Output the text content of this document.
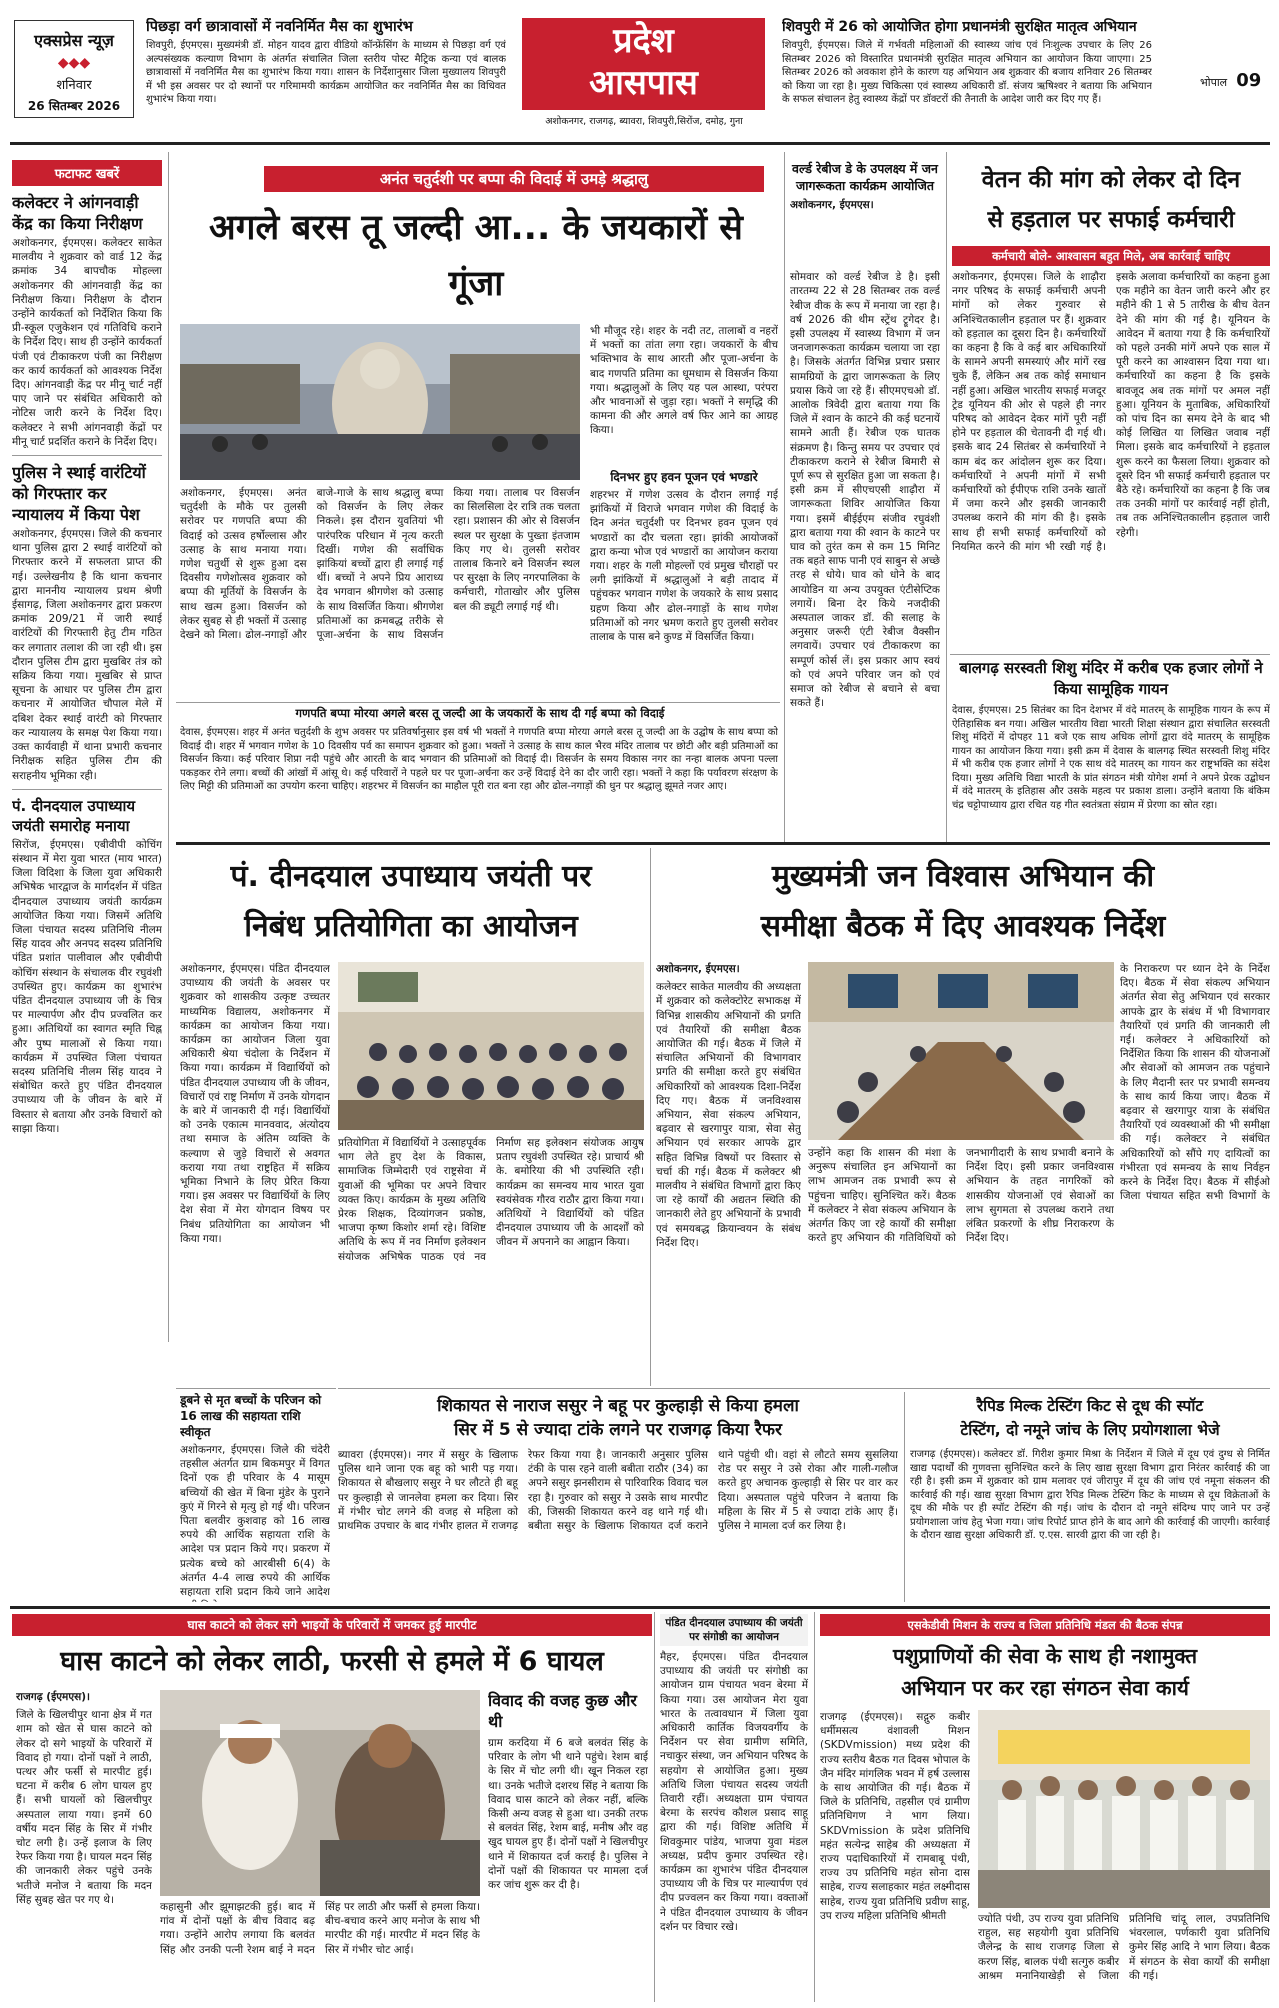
एक्सप्रेस न्यूज़
◆◆◆
शनिवार
26 सितम्बर 2026
पिछड़ा वर्ग छात्रावासों में नवनिर्मित मैस का शुभारंभ
शिवपुरी, ईएमएस। मुख्यमंत्री डॉ. मोहन यादव द्वारा वीडियो कॉन्फ्रेंसिंग के माध्यम से पिछड़ा वर्ग एवं अल्पसंख्यक कल्याण विभाग के अंतर्गत संचालित जिला स्तरीय पोस्ट मैट्रिक कन्या एवं बालक छात्रावासों में नवनिर्मित मैस का शुभारंभ किया गया। शासन के निर्देशानुसार जिला मुख्यालय शिवपुरी में भी इस अवसर पर दो स्थानों पर गरिमामयी कार्यक्रम आयोजित कर नवनिर्मित मैस का विधिवत शुभारंभ किया गया।
प्रदेश
आसपास
अशोकनगर, राजगढ़, ब्यावरा, शिवपुरी,सिरोंज, दमोह, गुना
शिवपुरी में 26 को आयोजित होगा प्रधानमंत्री सुरक्षित मातृत्व अभियान
शिवपुरी, ईएमएस। जिले में गर्भवती महिलाओं की स्वास्थ्य जांच एवं निःशुल्क उपचार के लिए 26 सितम्बर 2026 को विस्तारित प्रधानमंत्री सुरक्षित मातृत्व अभियान का आयोजन किया जाएगा। 25 सितम्बर 2026 को अवकाश होने के कारण यह अभियान अब शुक्रवार की बजाय शनिवार 26 सितम्बर को किया जा रहा है। मुख्य चिकित्सा एवं स्वास्थ्य अधिकारी डॉ. संजय ऋषिश्वर ने बताया कि अभियान के सफल संचालन हेतु स्वास्थ्य केंद्रों पर डॉक्टरों की तैनाती के आदेश जारी कर दिए गए हैं।
भोपाल 09
फटाफट खबरें
कलेक्टर ने आंगनवाड़ी केंद्र का किया निरीक्षण
अशोकनगर, ईएमएस। कलेक्टर साकेत मालवीय ने शुक्रवार को वार्ड 12 केंद्र क्रमांक 34 बापचौक मोहल्ला अशोकनगर की आंगनवाड़ी केंद्र का निरीक्षण किया। निरीक्षण के दौरान उन्होंने कार्यकर्ता को निर्देशित किया कि प्री-स्कूल एजुकेशन एवं गतिविधि कराने के निर्देश दिए। साथ ही उन्होंने कार्यकर्ता पंजी एवं टीकाकरण पंजी का निरीक्षण कर कार्य कार्यकर्ता को आवश्यक निर्देश दिए। आंगनवाड़ी केंद्र पर मीनू चार्ट नहीं पाए जाने पर संबंधित अधिकारी को नोटिस जारी करने के निर्देश दिए। कलेक्टर ने सभी आंगनवाड़ी केंद्रों पर मीनू चार्ट प्रदर्शित कराने के निर्देश दिए।
पुलिस ने स्थाई वारंटियों को गिरफ्तार कर न्यायालय में किया पेश
अशोकनगर, ईएमएस। जिले की कचनार थाना पुलिस द्वारा 2 स्थाई वारंटियों को गिरफ्तार करने में सफलता प्राप्त की गई। उल्लेखनीय है कि थाना कचनार द्वारा माननीय न्यायालय प्रथम श्रेणी ईसागढ़, जिला अशोकनगर द्वारा प्रकरण क्रमांक 209/21 में जारी स्थाई वारंटियों की गिरफ्तारी हेतु टीम गठित कर लगातार तलाश की जा रही थी। इस दौरान पुलिस टीम द्वारा मुखबिर तंत्र को सक्रिय किया गया। मुखबिर से प्राप्त सूचना के आधार पर पुलिस टीम द्वारा कचनार में आयोजित चौपाल मेले में दबिश देकर स्थाई वारंटी को गिरफ्तार कर न्यायालय के समक्ष पेश किया गया। उक्त कार्यवाही में थाना प्रभारी कचनार निरीक्षक सहित पुलिस टीम की सराहनीय भूमिका रही।
पं. दीनदयाल उपाध्याय जयंती समारोह मनाया
सिरोंज, ईएमएस। एबीवीपी कोचिंग संस्थान में मेरा युवा भारत (माय भारत) जिला विदिशा के जिला युवा अधिकारी अभिषेक भारद्वाज के मार्गदर्शन में पंडित दीनदयाल उपाध्याय जयंती कार्यक्रम आयोजित किया गया। जिसमें अतिथि जिला पंचायत सदस्य प्रतिनिधि नीलम सिंह यादव और अनपद सदस्य प्रतिनिधि पंडित प्रशांत पालीवाल और एबीवीपी कोचिंग संस्थान के संचालक वीर रघुवंशी उपस्थित हुए। कार्यक्रम का शुभारंभ पंडित दीनदयाल उपाध्याय जी के चित्र पर माल्यार्पण और दीप प्रज्वलित कर हुआ। अतिथियों का स्वागत स्मृति चिह्न और पुष्प मालाओं से किया गया। कार्यक्रम में उपस्थित जिला पंचायत सदस्य प्रतिनिधि नीलम सिंह यादव ने संबोधित करते हुए पंडित दीनदयाल उपाध्याय जी के जीवन के बारे में विस्तार से बताया और उनके विचारों को साझा किया।
अनंत चतुर्दशी पर बप्पा की विदाई में उमड़े श्रद्धालु
अगले बरस तू जल्दी आ... के जयकारों से गूंजा
भी मौजूद रहे। शहर के नदी तट, तालाबों व नहरों में भक्तों का तांता लगा रहा। जयकारों के बीच भक्तिभाव के साथ आरती और पूजा-अर्चना के बाद गणपति प्रतिमा का धूमधाम से विसर्जन किया गया। श्रद्धालुओं के लिए यह पल आस्था, परंपरा और भावनाओं से जुड़ा रहा। भक्तों ने समृद्धि की कामना की और अगले वर्ष फिर आने का आग्रह किया।
दिनभर हुए हवन पूजन एवं भण्डारे
शहरभर में गणेश उत्सव के दौरान लगाई गई झांकियों में विराजे भगवान गणेश की विदाई के दिन अनंत चतुर्दशी पर दिनभर हवन पूजन एवं भण्डारों का दौर चलता रहा। झांकी आयोजकों द्वारा कन्या भोज एवं भण्डारों का आयोजन कराया गया। शहर के गली मोहल्लों एवं प्रमुख चौराहों पर लगी झांकियों में श्रद्धालुओं ने बड़ी तादाद में पहुंचकर भगवान गणेश के जयकारे के साथ प्रसाद ग्रहण किया और ढोल-नगाड़ों के साथ गणेश प्रतिमाओं को नगर भ्रमण कराते हुए तुलसी सरोवर तालाब के पास बने कुण्ड में विसर्जित किया।
अशोकनगर, ईएमएस। अनंत चतुर्दशी के मौके पर तुलसी सरोवर पर गणपति बप्पा की विदाई को उत्सव हर्षोल्लास और उत्साह के साथ मनाया गया। गणेश चतुर्थी से शुरू हुआ दस दिवसीय गणेशोत्सव शुक्रवार को बप्पा की मूर्तियों के विसर्जन के साथ खत्म हुआ। विसर्जन को लेकर सुबह से ही भक्तों में उत्साह देखने को मिला। ढोल-नगाड़ों और बाजे-गाजे के साथ श्रद्धालु बप्पा को विसर्जन के लिए लेकर निकले। इस दौरान युवतियां भी पारंपरिक परिधान में नृत्य करती दिखीं। गणेश की सर्वाधिक झांकियां बच्चों द्वारा ही लगाई गई थीं। बच्चों ने अपने प्रिय आराध्य देव भगवान श्रीगणेश को उत्साह के साथ विसर्जित किया। श्रीगणेश प्रतिमाओं का क्रमबद्ध तरीके से पूजा-अर्चना के साथ विसर्जन किया गया। तालाब पर विसर्जन का सिलसिला देर रात्रि तक चलता रहा। प्रशासन की ओर से विसर्जन स्थल पर सुरक्षा के पुख्ता इंतजाम किए गए थे। तुलसी सरोवर तालाब किनारे बने विसर्जन स्थल पर सुरक्षा के लिए नगरपालिका के कर्मचारी, गोताखोर और पुलिस बल की ड्यूटी लगाई गई थी।
गणपति बप्पा मोरया अगले बरस तू जल्दी आ के जयकारों के साथ दी गई बप्पा को विदाई
देवास, ईएमएस। शहर में अनंत चतुर्दशी के शुभ अवसर पर प्रतिवर्षानुसार इस वर्ष भी भक्तों ने गणपति बप्पा मोरया अगले बरस तू जल्दी आ के उद्घोष के साथ बप्पा को विदाई दी। शहर में भगवान गणेश के 10 दिवसीय पर्व का समापन शुक्रवार को हुआ। भक्तों ने उत्साह के साथ काल भैरव मंदिर तालाब पर छोटी और बड़ी प्रतिमाओं का विसर्जन किया। कई परिवार शिप्रा नदी पहुंचे और आरती के बाद भगवान की प्रतिमाओं को विदाई दी। विसर्जन के समय विकास नगर का नन्हा बालक अपना पल्ला पकड़कर रोने लगा। बच्चों की आंखों में आंसू थे। कई परिवारों ने पहले घर पर पूजा-अर्चना कर उन्हें विदाई देने का दौर जारी रहा। भक्तों ने कहा कि पर्यावरण संरक्षण के लिए मिट्टी की प्रतिमाओं का उपयोग करना चाहिए। शहरभर में विसर्जन का माहौल पूरी रात बना रहा और ढोल-नगाड़ों की धुन पर श्रद्धालु झूमते नजर आए।
वर्ल्ड रेबीज डे के उपलक्ष्य में जन जागरूकता कार्यक्रम आयोजित
अशोकनगर, ईएमएस।
सोमवार को वर्ल्ड रेबीज डे है। इसी तारतम्य 22 से 28 सितम्बर तक वर्ल्ड रेबीज वीक के रूप में मनाया जा रहा है। वर्ष 2026 की थीम स्ट्रेंथ ट्रूगेदर है। इसी उपलक्ष्य में स्वास्थ्य विभाग में जन जनजागरूकता कार्यक्रम चलाया जा रहा है। जिसके अंतर्गत विभिन्न प्रचार प्रसार सामग्रियों के द्वारा जागरूकता के लिए प्रयास किये जा रहे हैं। सीएमएचओ डॉ. आलोक त्रिवेदी द्वारा बताया गया कि जिले में श्वान के काटने की कई घटनायें सामने आती हैं। रेबीज एक घातक संक्रमण है। किन्तु समय पर उपचार एवं टीकाकरण कराने से रेबीज बिमारी से पूर्ण रूप से सुरक्षित हुआ जा सकता है। इसी क्रम में सीएचएसी शाढ़ौरा में जागरूकता शिविर आयोजित किया गया। इसमें बीईईएम संजीव रघुवंशी द्वारा बताया गया की श्वान के काटने पर घाव को तुरंत कम से कम 15 मिनिट तक बहते साफ पानी एवं साबुन से अच्छे तरह से धोये। घाव को धोने के बाद आयोडिन या अन्य उपयुक्त एंटीसेप्टिक लगायें। बिना देर किये नजदीकी अस्पताल जाकर डॉ. की सलाह के अनुसार जरूरी एंटी रेबीज वैक्सीन लगवायें। उपचार एवं टीकाकरण का सम्पूर्ण कोर्स लें। इस प्रकार आप स्वयं को एवं अपने परिवार जन को एवं समाज को रेबीज से बचाने से बचा सकते हैं।
वेतन की मांग को लेकर दो दिन
से हड़ताल पर सफाई कर्मचारी
कर्मचारी बोले- आश्वासन बहुत मिले, अब कार्रवाई चाहिए
अशोकनगर, ईएमएस। जिले के शाढ़ौरा नगर परिषद के सफाई कर्मचारी अपनी मांगों को लेकर गुरुवार से अनिश्चितकालीन हड़ताल पर हैं। शुक्रवार को हड़ताल का दूसरा दिन है। कर्मचारियों का कहना है कि वे कई बार अधिकारियों के सामने अपनी समस्याएं और मांगें रख चुके हैं, लेकिन अब तक कोई समाधान नहीं हुआ। अखिल भारतीय सफाई मजदूर ट्रेड यूनियन की ओर से पहले ही नगर परिषद को आवेदन देकर मांगें पूरी नहीं होने पर हड़ताल की चेतावनी दी गई थी। इसके बाद 24 सितंबर से कर्मचारियों ने काम बंद कर आंदोलन शुरू कर दिया। कर्मचारियों ने अपनी मांगों में सभी कर्मचारियों को ईपीएफ राशि उनके खातों में जमा करने और इसकी जानकारी उपलब्ध कराने की मांग की है। इसके साथ ही सभी सफाई कर्मचारियों को नियमित करने की मांग भी रखी गई है। इसके अलावा कर्मचारियों का कहना हुआ एक महीने का वेतन जारी करने और हर महीने की 1 से 5 तारीख के बीच वेतन देने की मांग की गई है। यूनियन के आवेदन में बताया गया है कि कर्मचारियों को पहले उनकी मांगें अपने एक साल में पूरी करने का आश्वासन दिया गया था। कर्मचारियों का कहना है कि इसके बावजूद अब तक मांगों पर अमल नहीं हुआ। यूनियन के मुताबिक, अधिकारियों को पांच दिन का समय देने के बाद भी कोई लिखित या लिखित जवाब नहीं मिला। इसके बाद कर्मचारियों ने हड़ताल शुरू करने का फैसला लिया। शुक्रवार को दूसरे दिन भी सफाई कर्मचारी हड़ताल पर बैठे रहे। कर्मचारियों का कहना है कि जब तक उनकी मांगों पर कार्रवाई नहीं होती, तब तक अनिश्चितकालीन हड़ताल जारी रहेगी।
बालगढ़ सरस्वती शिशु मंदिर में करीब एक हजार लोगों ने किया सामूहिक गायन
देवास, ईएमएस। 25 सितंबर का दिन देशभर में वंदे मातरम् के सामूहिक गायन के रूप में ऐतिहासिक बन गया। अखिल भारतीय विद्या भारती शिक्षा संस्थान द्वारा संचालित सरस्वती शिशु मंदिरों में दोपहर 11 बजे एक साथ अधिक लोगों द्वारा वंदे मातरम् के सामूहिक गायन का आयोजन किया गया। इसी क्रम में देवास के बालगढ़ स्थित सरस्वती शिशु मंदिर में भी करीब एक हजार लोगों ने एक साथ वंदे मातरम् का गायन कर राष्ट्रभक्ति का संदेश दिया। मुख्य अतिथि विद्या भारती के प्रांत संगठन मंत्री योगेश शर्मा ने अपने प्रेरक उद्बोधन में वंदे मातरम् के इतिहास और उसके महत्व पर प्रकाश डाला। उन्होंने बताया कि बंकिम चंद्र चट्टोपाध्याय द्वारा रचित यह गीत स्वतंत्रता संग्राम में प्रेरणा का स्रोत रहा।
पं. दीनदयाल उपाध्याय जयंती पर
निबंध प्रतियोगिता का आयोजन
अशोकनगर, ईएमएस। पंडित दीनदयाल उपाध्याय की जयंती के अवसर पर शुक्रवार को शासकीय उत्कृष्ट उच्चतर माध्यमिक विद्यालय, अशोकनगर में कार्यक्रम का आयोजन किया गया। कार्यक्रम का आयोजन जिला युवा अधिकारी श्रेया चंदोला के निर्देशन में किया गया। कार्यक्रम में विद्यार्थियों को पंडित दीनदयाल उपाध्याय जी के जीवन, विचारों एवं राष्ट्र निर्माण में उनके योगदान के बारे में जानकारी दी गई। विद्यार्थियों को उनके एकात्म मानववाद, अंत्योदय तथा समाज के अंतिम व्यक्ति के कल्याण से जुड़े विचारों से अवगत कराया गया तथा राष्ट्रहित में सक्रिय भूमिका निभाने के लिए प्रेरित किया गया। इस अवसर पर विद्यार्थियों के लिए देश सेवा में मेरा योगदान विषय पर निबंध प्रतियोगिता का आयोजन भी किया गया।
प्रतियोगिता में विद्यार्थियों ने उत्साहपूर्वक भाग लेते हुए देश के विकास, सामाजिक जिम्मेदारी एवं राष्ट्रसेवा में युवाओं की भूमिका पर अपने विचार व्यक्त किए। कार्यक्रम के मुख्य अतिथि प्रेरक शिक्षक, दिव्यांगजन प्रकोष्ठ, भाजपा कृष्ण किशोर शर्मा रहे। विशिष्ट अतिथि के रूप में नव निर्माण इलेक्शन संयोजक अभिषेक पाठक एवं नव निर्माण सह इलेक्शन संयोजक आयुष प्रताप रघुवंशी उपस्थित रहे। प्राचार्य श्री के. बमोरिया की भी उपस्थिति रही। कार्यक्रम का समन्वय माय भारत युवा स्वयंसेवक गौरव राठौर द्वारा किया गया। अतिथियों ने विद्यार्थियों को पंडित दीनदयाल उपाध्याय जी के आदर्शों को जीवन में अपनाने का आह्वान किया।
मुख्यमंत्री जन विश्वास अभियान की
समीक्षा बैठक में दिए आवश्यक निर्देश
अशोकनगर, ईएमएस।
कलेक्टर साकेत मालवीय की अध्यक्षता में शुक्रवार को कलेक्टोरेट सभाकक्ष में विभिन्न शासकीय अभियानों की प्रगति एवं तैयारियों की समीक्षा बैठक आयोजित की गई। बैठक में जिले में संचालित अभियानों की विभागवार प्रगति की समीक्षा करते हुए संबंधित अधिकारियों को आवश्यक दिशा-निर्देश दिए गए। बैठक में जनविश्वास अभियान, सेवा संकल्प अभियान, बढ़वार से खरगापुर यात्रा, सेवा सेतु अभियान एवं सरकार आपके द्वार सहित विभिन्न विषयों पर विस्तार से चर्चा की गई। बैठक में कलेक्टर श्री मालवीय ने संबंधित विभागों द्वारा किए जा रहे कार्यों की अद्यतन स्थिति की जानकारी लेते हुए अभियानों के प्रभावी एवं समयबद्ध क्रियान्वयन के संबंध निर्देश दिए।
उन्होंने कहा कि शासन की मंशा के अनुरूप संचालित इन अभियानों का लाभ आमजन तक प्रभावी रूप से पहुंचना चाहिए। सुनिश्चित करें। बैठक में कलेक्टर ने सेवा संकल्प अभियान के अंतर्गत किए जा रहे कार्यों की समीक्षा करते हुए अभियान की गतिविधियों को जनभागीदारी के साथ प्रभावी बनाने के निर्देश दिए। इसी प्रकार जनविश्वास अभियान के तहत नागरिकों को शासकीय योजनाओं एवं सेवाओं का लाभ सुगमता से उपलब्ध कराने तथा लंबित प्रकरणों के शीघ्र निराकरण के निर्देश दिए।
के निराकरण पर ध्यान देने के निर्देश दिए। बैठक में सेवा संकल्प अभियान अंतर्गत सेवा सेतु अभियान एवं सरकार आपके द्वार के संबंध में भी विभागवार तैयारियों एवं प्रगति की जानकारी ली गई। कलेक्टर ने अधिकारियों को निर्देशित किया कि शासन की योजनाओं और सेवाओं को आमजन तक पहुंचाने के लिए मैदानी स्तर पर प्रभावी समन्वय के साथ कार्य किया जाए। बैठक में बढ़वार से खरगापुर यात्रा के संबंधित तैयारियों एवं व्यवस्थाओं की भी समीक्षा की गई। कलेक्टर ने संबंधित अधिकारियों को सौंपे गए दायित्वों का गंभीरता एवं समन्वय के साथ निर्वहन करने के निर्देश दिए। बैठक में सीईओ जिला पंचायत सहित सभी विभागों के
डूबने से मृत बच्चों के परिजन को 16 लाख की सहायता राशि स्वीकृत
अशोकनगर, ईएमएस। जिले की चंदेरी तहसील अंतर्गत ग्राम बिकमपुर में विगत दिनों एक ही परिवार के 4 मासूम बच्चियों की खेत में बिना मुंडेर के पुराने कुएं में गिरने से मृत्यु हो गई थी। परिजन पिता बलवीर कुशवाह को 16 लाख रुपये की आर्थिक सहायता राशि के आदेश पत्र प्रदान किये गए। प्रकरण में प्रत्येक बच्चे को आरबीसी 6(4) के अंतर्गत 4-4 लाख रुपये की आर्थिक सहायता राशि प्रदान किये जाने आदेश
शिकायत से नाराज ससुर ने बहू पर कुल्हाड़ी से किया हमला
सिर में 5 से ज्यादा टांके लगने पर राजगढ़ किया रैफर
ब्यावरा (ईएमएस)। नगर में ससुर के खिलाफ पुलिस थाने जाना एक बहू को भारी पड़ गया। शिकायत से बौखलाए ससुर ने घर लौटते ही बहू पर कुल्हाड़ी से जानलेवा हमला कर दिया। सिर में गंभीर चोट लगने की वजह से महिला को प्राथमिक उपचार के बाद गंभीर हालत में राजगढ़ रेफर किया गया है। जानकारी अनुसार पुलिस टंकी के पास रहने वाली बबीता राठौर (34) का अपने ससुर झनसीराम से पारिवारिक विवाद चल रहा है। गुरुवार को ससुर ने उसके साथ मारपीट की, जिसकी शिकायत करने वह थाने गई थी। बबीता ससुर के खिलाफ शिकायत दर्ज कराने थाने पहुंची थी। वहां से लौटते समय सुसलिया रोड पर ससुर ने उसे रोका और गाली-गलौज करते हुए अचानक कुल्हाड़ी से सिर पर वार कर दिया। अस्पताल पहुंचे परिजन ने बताया कि महिला के सिर में 5 से ज्यादा टांके आए हैं। पुलिस ने मामला दर्ज कर लिया है।
रैपिड मिल्क टेस्टिंग किट से दूध की स्पॉट
टेस्टिंग, दो नमूने जांच के लिए प्रयोगशाला भेजे
राजगढ़ (ईएमएस)। कलेक्टर डॉ. गिरीश कुमार मिश्रा के निर्देशन में जिले में दूध एवं दुग्ध से निर्मित खाद्य पदार्थों की गुणवत्ता सुनिश्चित करने के लिए खाद्य सुरक्षा विभाग द्वारा निरंतर कार्रवाई की जा रही है। इसी क्रम में शुक्रवार को ग्राम मलावर एवं जीरापुर में दूध की जांच एवं नमूना संकलन की कार्रवाई की गई। खाद्य सुरक्षा विभाग द्वारा रैपिड मिल्क टेस्टिंग किट के माध्यम से दूध विक्रेताओं के दूध की मौके पर ही स्पॉट टेस्टिंग की गई। जांच के दौरान दो नमूने संदिग्ध पाए जाने पर उन्हें प्रयोगशाला जांच हेतु भेजा गया। जांच रिपोर्ट प्राप्त होने के बाद आगे की कार्रवाई की जाएगी। कार्रवाई के दौरान खाद्य सुरक्षा अधिकारी डॉ. ए.एस. सारवी द्वारा की जा रही है।
घास काटने को लेकर सगे भाइयों के परिवारों में जमकर हुई मारपीट
घास काटने को लेकर लाठी, फरसी से हमले में 6 घायल
राजगढ़ (ईएमएस)।
जिले के खिलचीपुर थाना क्षेत्र में गत शाम को खेत से घास काटने को लेकर दो सगे भाइयों के परिवारों में विवाद हो गया। दोनों पक्षों ने लाठी, पत्थर और फर्सी से मारपीट हुई। घटना में करीब 6 लोग घायल हुए हैं। सभी घायलों को खिलचीपुर अस्पताल लाया गया। इनमें 60 वर्षीय मदन सिंह के सिर में गंभीर चोट लगी है। उन्हें इलाज के लिए रेफर किया गया है। घायल मदन सिंह की जानकारी लेकर पहुंचे उनके भतीजे मनोज ने बताया कि मदन सिंह सुबह खेत पर गए थे।
कहासुनी और झूमाझटकी हुई। बाद में गांव में दोनों पक्षों के बीच विवाद बढ़ गया। उन्होंने आरोप लगाया कि बलवंत सिंह और उनकी पत्नी रेशम बाई ने मदन सिंह पर लाठी और फर्सी से हमला किया। बीच-बचाव करने आए मनोज के साथ भी मारपीट की गई। मारपीट में मदन सिंह के सिर में गंभीर चोट आई।
विवाद की वजह कुछ और थी
ग्राम करदिया में 6 बजे बलवंत सिंह के परिवार के लोग भी थाने पहुंचे। रेशम बाई के सिर में चोट लगी थी। खून निकल रहा था। उनके भतीजे दशरथ सिंह ने बताया कि विवाद घास काटने को लेकर नहीं, बल्कि किसी अन्य वजह से हुआ था। उनकी तरफ से बलवंत सिंह, रेशम बाई, मनीष और वह खुद घायल हुए हैं। दोनों पक्षों ने खिलचीपुर थाने में शिकायत दर्ज कराई है। पुलिस ने दोनों पक्षों की शिकायत पर मामला दर्ज कर जांच शुरू कर दी है।
पंडित दीनदयाल उपाध्याय की जयंती पर संगोष्ठी का आयोजन
मैहर, ईएमएस। पंडित दीनदयाल उपाध्याय की जयंती पर संगोष्ठी का आयोजन ग्राम पंचायत भवन बेरमा में किया गया। उस आयोजन मेरा युवा भारत के तत्वावधान में जिला युवा अधिकारी कार्तिक विजयवर्गीय के निर्देशन पर सेवा ग्रामीण समिति, नचाकुर संस्था, जन अभियान परिषद के सहयोग से आयोजित हुआ। मुख्य अतिथि जिला पंचायत सदस्य जयंती तिवारी रहीं। अध्यक्षता ग्राम पंचायत बेरमा के सरपंच कौशल प्रसाद साहू द्वारा की गई। विशिष्ट अतिथि में शिवकुमार पांडेय, भाजपा युवा मंडल अध्यक्ष, प्रदीप कुमार उपस्थित रहे। कार्यक्रम का शुभारंभ पंडित दीनदयाल उपाध्याय जी के चित्र पर माल्यार्पण एवं दीप प्रज्वलन कर किया गया। वक्ताओं ने पंडित दीनदयाल उपाध्याय के जीवन दर्शन पर विचार रखे।
एसकेडीवी मिशन के राज्य व जिला प्रतिनिधि मंडल की बैठक संपन्न
पशुप्राणियों की सेवा के साथ ही नशामुक्त
अभियान पर कर रहा संगठन सेवा कार्य
राजगढ़ (ईएमएस)। सद्गुरु कबीर धर्मीमसत्य वंशावली मिशन (SKDVmission) मध्य प्रदेश की राज्य स्तरीय बैठक गत दिवस भोपाल के जैन मंदिर मांगलिक भवन में हर्ष उल्लास के साथ आयोजित की गई। बैठक में जिले के प्रतिनिधि, तहसील एवं ग्रामीण प्रतिनिधिगण ने भाग लिया। SKDVmission के प्रदेश प्रतिनिधि महंत सत्येन्द्र साहेब की अध्यक्षता में राज्य पदाधिकारियों में रामबाबू पंथी, राज्य उप प्रतिनिधि महंत सोना दास साहेब, राज्य सलाहकार महंत लक्ष्मीदास साहेब, राज्य युवा प्रतिनिधि प्रवीण साहू, उप राज्य महिला प्रतिनिधि श्रीमती	ज्योति पंथी, उप राज्य युवा प्रतिनिधि राहुल, सह सहयोगी युवा प्रतिनिधि जैलेन्द्र के साथ राजगढ़ जिला से करण सिंह, बालक पंथी सत्गुरु कबीर आश्रम मनानियाखेड़ी से जिला प्रतिनिधि चांदू लाल, उपप्रतिनिधि भंवरलाल, पर्णकारी युवा प्रतिनिधि कुमेर सिंह आदि ने भाग लिया। बैठक में संगठन के सेवा कार्यों की समीक्षा की गई।
